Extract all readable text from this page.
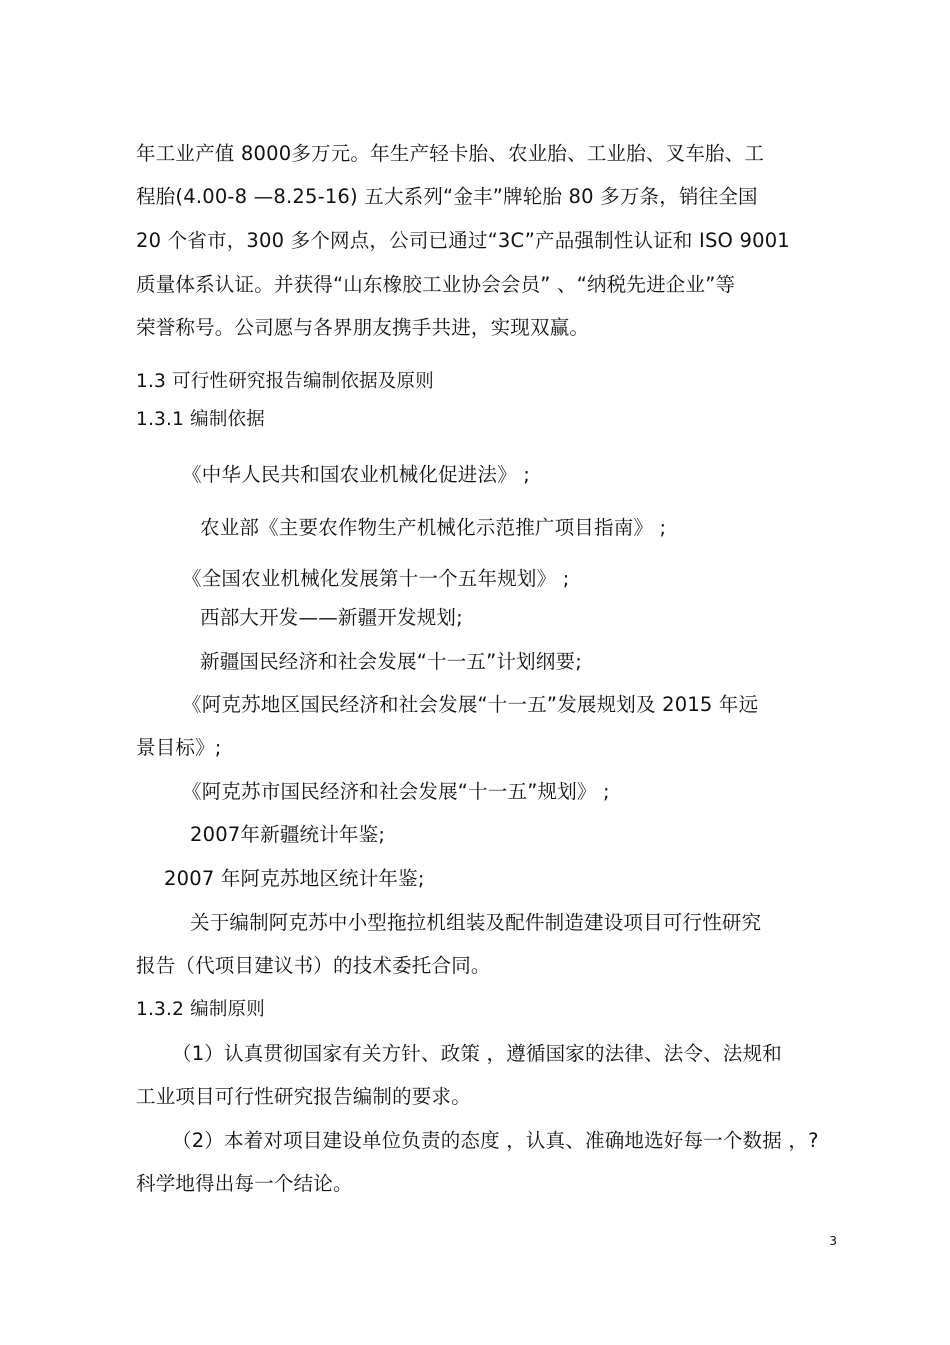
年工业产值 8000多万元。年生产轻卡胎、农业胎、工业胎、叉车胎、工
程胎(4.00-8 —8.25-16) 五大系列“金丰”牌轮胎 80 多万条，销往全国
20 个省市，300 多个网点，公司已通过“3C”产品强制性认证和 ISO 9001
质量体系认证。并获得“山东橡胶工业协会会员” 、“纳税先进企业”等
荣誉称号。公司愿与各界朋友携手共进，实现双赢。
1.3 可行性研究报告编制依据及原则
1.3.1 编制依据
《中华人民共和国农业机械化促进法》 ;
农业部《主要农作物生产机械化示范推广项目指南》 ;
《全国农业机械化发展第十一个五年规划》 ;
西部大开发——新疆开发规划;
新疆国民经济和社会发展“十一五”计划纲要;
《阿克苏地区国民经济和社会发展“十一五”发展规划及 2015 年远
景目标》;
《阿克苏市国民经济和社会发展“十一五”规划》 ;
2007年新疆统计年鉴;
2007 年阿克苏地区统计年鉴;
关于编制阿克苏中小型拖拉机组装及配件制造建设项目可行性研究
报告（代项目建议书）的技术委托合同。
1.3.2 编制原则
（1）认真贯彻国家有关方针、政策 ，遵循国家的法律、法令、法规和
工业项目可行性研究报告编制的要求。
（2）本着对项目建设单位负责的态度 ，认真、准确地选好每一个数据 ，?
科学地得出每一个结论。
3
